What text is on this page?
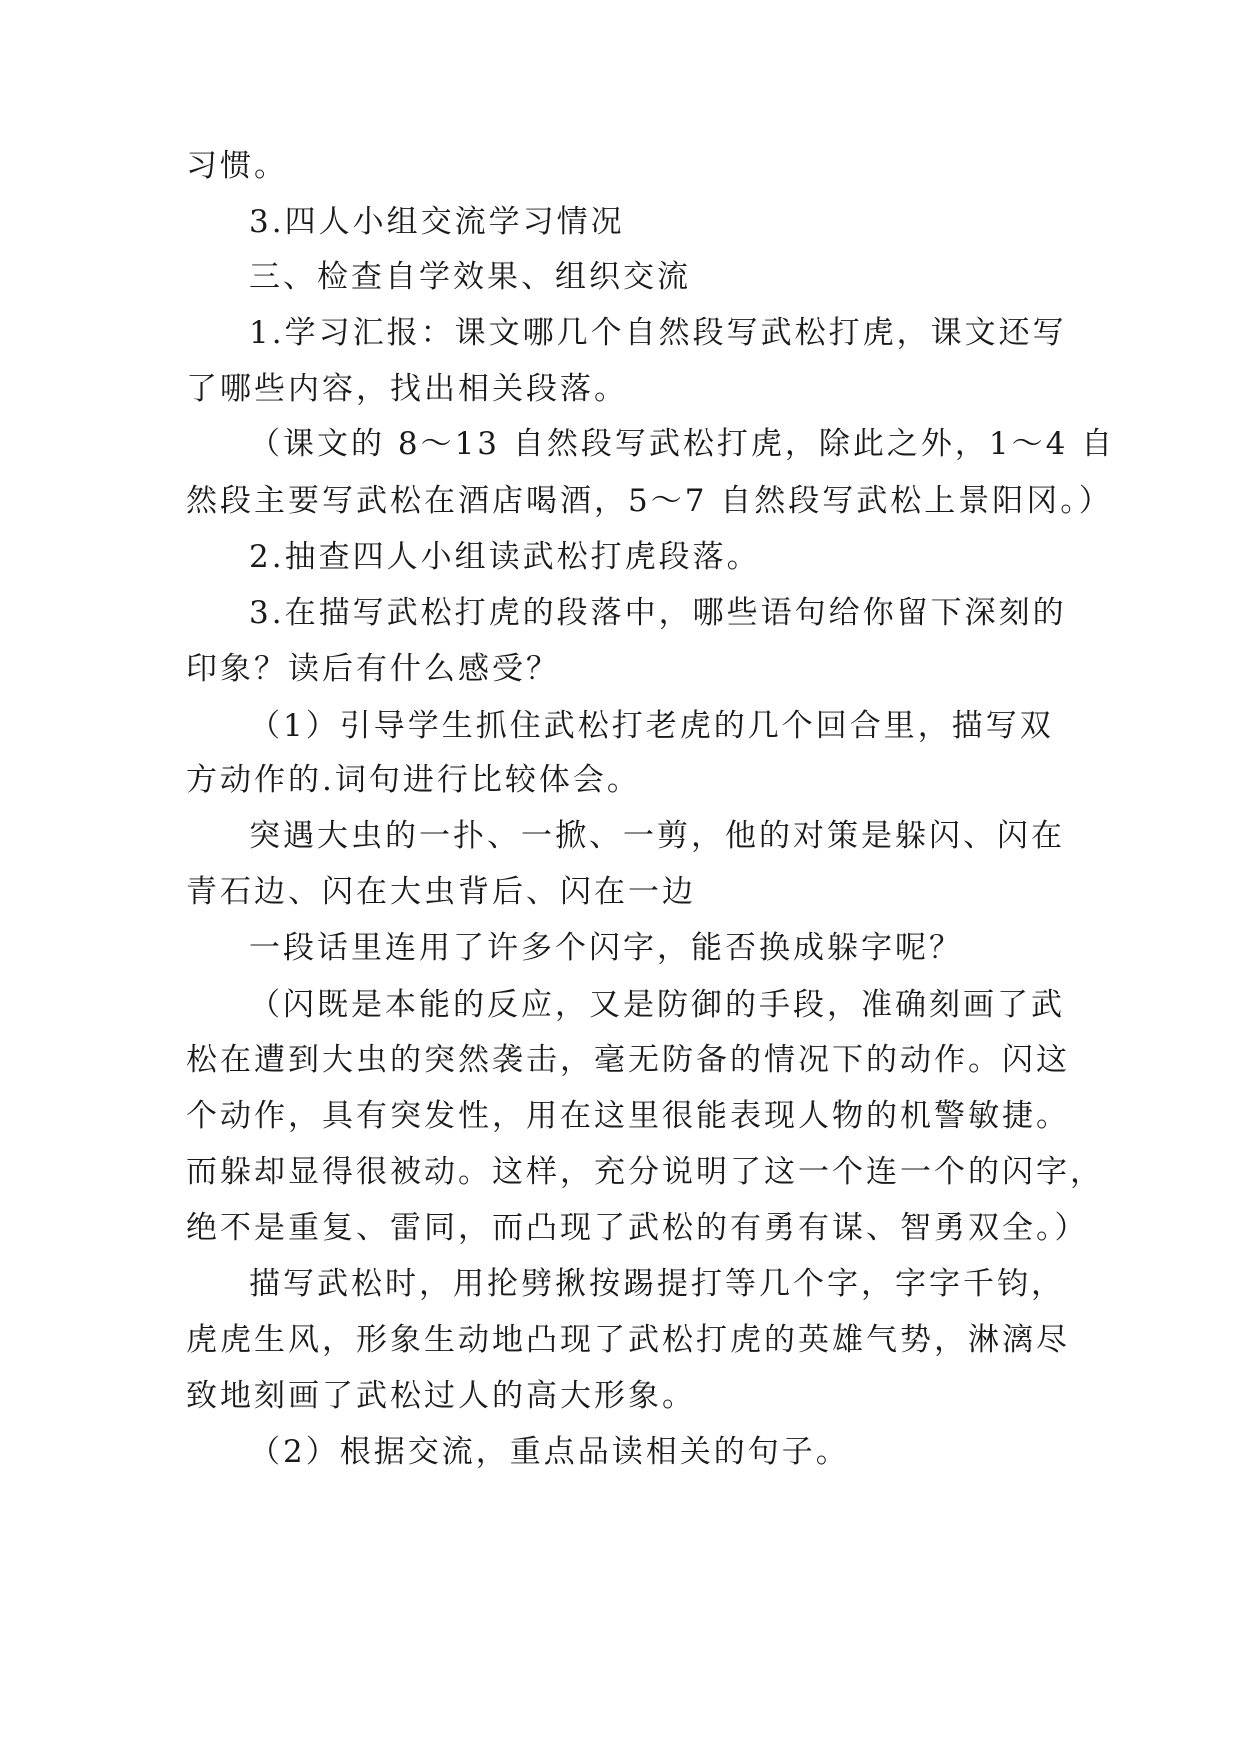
习惯。
3.四人小组交流学习情况
三、检查自学效果、组织交流
1.学习汇报：课文哪几个自然段写武松打虎，课文还写
了哪些内容，找出相关段落。
（课文的 8～13 自然段写武松打虎，除此之外，1～4 自
然段主要写武松在酒店喝酒，5～7 自然段写武松上景阳冈。）
2.抽查四人小组读武松打虎段落。
3.在描写武松打虎的段落中，哪些语句给你留下深刻的
印象？读后有什么感受？
（1）引导学生抓住武松打老虎的几个回合里，描写双
方动作的.词句进行比较体会。
突遇大虫的一扑、一掀、一剪，他的对策是躲闪、闪在
青石边、闪在大虫背后、闪在一边
一段话里连用了许多个闪字，能否换成躲字呢？
（闪既是本能的反应，又是防御的手段，准确刻画了武
松在遭到大虫的突然袭击，毫无防备的情况下的动作。闪这
个动作，具有突发性，用在这里很能表现人物的机警敏捷。
而躲却显得很被动。这样，充分说明了这一个连一个的闪字，
绝不是重复、雷同，而凸现了武松的有勇有谋、智勇双全。）
描写武松时，用抡劈揪按踢提打等几个字，字字千钧，
虎虎生风，形象生动地凸现了武松打虎的英雄气势，淋漓尽
致地刻画了武松过人的高大形象。
（2）根据交流，重点品读相关的句子。
